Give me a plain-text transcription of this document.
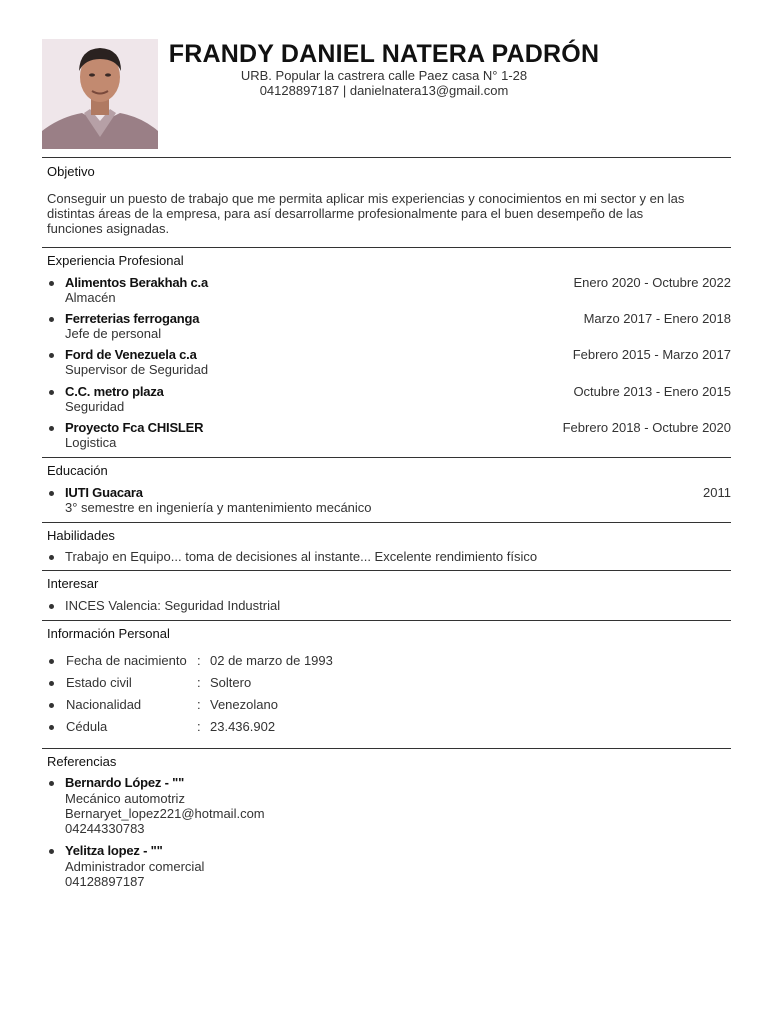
FRANDY DANIEL NATERA PADRÓN
URB. Popular la castrera calle Paez casa N° 1-28
04128897187 | danielnatera13@gmail.com
Objetivo
Conseguir un puesto de trabajo que me permita aplicar mis experiencias y conocimientos en mi sector y en las
distintas áreas de la empresa, para así desarrollarme profesionalmente para el buen desempeño de las
funciones asignadas.
Experiencia Profesional
Alimentos Berakhah c.a	Enero 2020 - Octubre 2022
Almacén
Ferreterias ferroganga	Marzo 2017 - Enero 2018
Jefe de personal
Ford de Venezuela c.a	Febrero 2015 - Marzo 2017
Supervisor de Seguridad
C.C. metro plaza	Octubre 2013 - Enero 2015
Seguridad
Proyecto Fca CHISLER	Febrero 2018 - Octubre 2020
Logistica
Educación
IUTI Guacara	2011
3° semestre en ingeniería y mantenimiento mecánico
Habilidades
Trabajo en Equipo... toma de decisiones al instante... Excelente rendimiento físico
Interesar
INCES Valencia: Seguridad Industrial
Información Personal
Fecha de nacimiento : 02 de marzo de 1993
Estado civil	: Soltero
Nacionalidad	: Venezolano
Cédula	: 23.436.902
Referencias
Bernardo López - ""
Mecánico automotriz
Bernaryet_lopez221@hotmail.com
04244330783
Yelitza lopez - ""
Administrador comercial
04128897187
